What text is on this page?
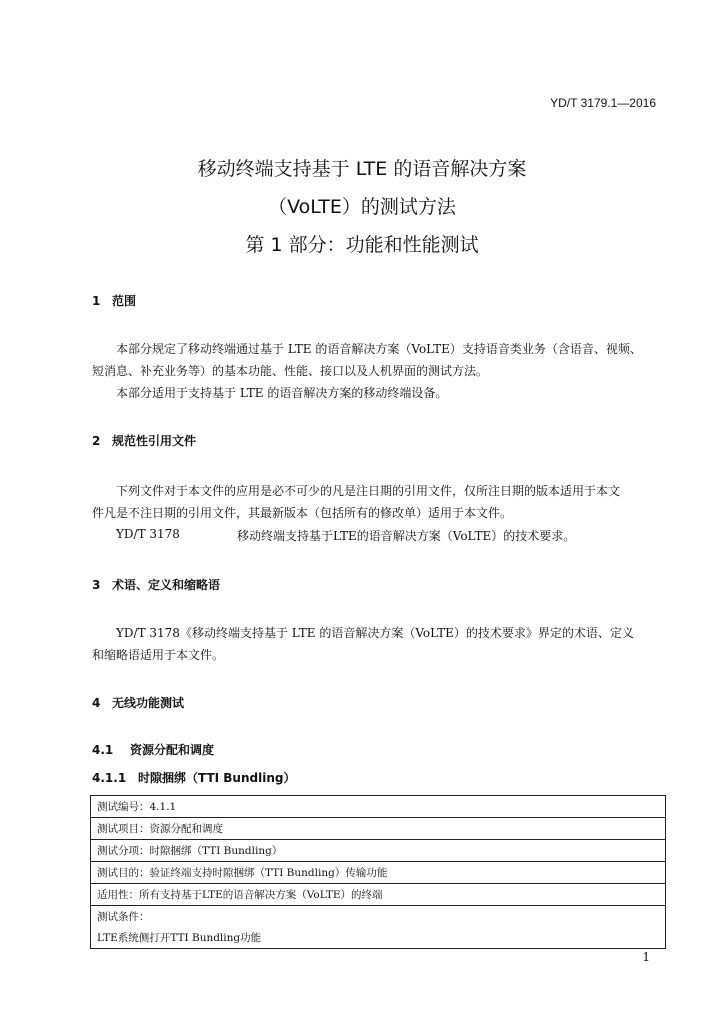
YD/T 3179.1—2016
移动终端支持基于 LTE 的语音解决方案
（VoLTE）的测试方法
第 1 部分：功能和性能测试
1 范围
本部分规定了移动终端通过基于 LTE 的语音解决方案（VoLTE）支持语音类业务（含语音、视频、
短消息、补充业务等）的基本功能、性能、接口以及人机界面的测试方法。
本部分适用于支持基于 LTE 的语音解决方案的移动终端设备。
2 规范性引用文件
下列文件对于本文件的应用是必不可少的凡是注日期的引用文件，仅所注日期的版本适用于本文
件凡是不注日期的引用文件，其最新版本（包括所有的修改单）适用于本文件。
YD/T 3178	移动终端支持基于LTE的语音解决方案（VoLTE）的技术要求。
3 术语、定义和缩略语
YD/T 3178《移动终端支持基于 LTE 的语音解决方案（VoLTE）的技术要求》界定的术语、定义
和缩略语适用于本文件。
4 无线功能测试
4.1 资源分配和调度
4.1.1 时隙捆绑（TTI Bundling）
测试编号：4.1.1
测试项目：资源分配和调度
测试分项：时隙捆绑（TTI Bundling）
测试目的：验证终端支持时隙捆绑（TTI Bundling）传输功能
适用性：所有支持基于LTE的语音解决方案（VoLTE）的终端
测试条件：
LTE系统侧打开TTI Bundling功能
1
